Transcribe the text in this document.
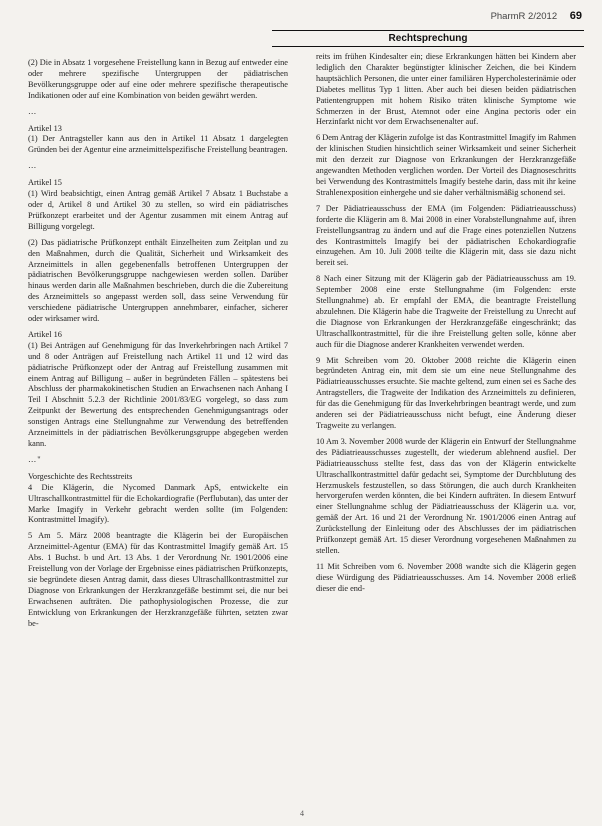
PharmR 2/2012 69
Rechtsprechung

(2) Die in Absatz 1 vorgesehene Freistellung kann in Bezug auf entweder eine oder mehrere spezifische Untergruppen der pädiatrischen Bevölkerungsgruppe oder auf eine oder mehrere spezifische therapeutische Indikationen oder auf eine Kombination von beiden gewährt werden.

…

Artikel 13

(1) Der Antragsteller kann aus den in Artikel 11 Absatz 1 dargelegten Gründen bei der Agentur eine arzneimittelspezifische Freistellung beantragen.

…

Artikel 15

(1) Wird beabsichtigt, einen Antrag gemäß Artikel 7 Absatz 1 Buchstabe a oder d, Artikel 8 und Artikel 30 zu stellen, so wird ein pädiatrisches Prüfkonzept erarbeitet und der Agentur zusammen mit einem Antrag auf Billigung vorgelegt.

(2) Das pädiatrische Prüfkonzept enthält Einzelheiten zum Zeitplan und zu den Maßnahmen, durch die Qualität, Sicherheit und Wirksamkeit des Arzneimittels in allen gegebenenfalls betroffenen Untergruppen der pädiatrischen Bevölkerungsgruppe nachgewiesen werden sollen. Darüber hinaus werden darin alle Maßnahmen beschrieben, durch die die Zubereitung des Arzneimittels so angepasst werden soll, dass seine Verwendung für verschiedene pädiatrische Untergruppen annehmbarer, einfacher, sicherer oder wirksamer wird.

Artikel 16

(1) Bei Anträgen auf Genehmigung für das Inverkehrbringen nach Artikel 7 und 8 oder Anträgen auf Freistellung nach Artikel 11 und 12 wird das pädiatrische Prüfkonzept oder der Antrag auf Freistellung zusammen mit einem Antrag auf Billigung – außer in begründeten Fällen – spätestens bei Abschluss der pharmakokinetischen Studien an Erwachsenen nach Anhang I Teil I Abschnitt 5.2.3 der Richtlinie 2001/83/EG vorgelegt, so dass zum Zeitpunkt der Bewertung des entsprechenden Genehmigungsantrags oder sonstigen Antrags eine Stellungnahme zur Verwendung des betreffenden Arzneimittels in der pädiatrischen Bevölkerungsgruppe abgegeben werden kann.

…"

Vorgeschichte des Rechtsstreits

4 Die Klägerin, die Nycomed Danmark ApS, entwickelte ein Ultraschallkontrastmittel für die Echokardiografie (Perflubutan), das unter der Marke Imagify in Verkehr gebracht werden sollte (im Folgenden: Kontrastmittel Imagify).

5 Am 5. März 2008 beantragte die Klägerin bei der Europäischen Arzneimittel-Agentur (EMA) für das Kontrastmittel Imagify gemäß Art. 15 Abs. 1 Buchst. b und Art. 13 Abs. 1 der Verordnung Nr. 1901/2006 eine Freistellung von der Vorlage der Ergebnisse eines pädiatrischen Prüfkonzepts, sie begründete diesen Antrag damit, dass dieses Ultraschallkontrastmittel zur Diagnose von Erkrankungen der Herzkranzgefäße bestimmt sei, die nur bei Erwachsenen aufträten. Die pathophysiologischen Prozesse, die zur Entwicklung von Erkrankungen der Herzkranzgefäße führten, setzten zwar be-

reits im frühen Kindesalter ein; diese Erkrankungen hätten bei Kindern aber lediglich den Charakter begünstigter klinischer Zeichen, die bei Kindern hauptsächlich Personen, die unter einer familiären Hypercholesterinämie oder Diabetes mellitus Typ 1 litten. Aber auch bei diesen beiden pädiatrischen Patientengruppen mit hohem Risiko träten klinische Symptome wie Schmerzen in der Brust, Atemnot oder eine Angina pectoris oder ein Herzinfarkt nicht vor dem Erwachsenenalter auf.

6 Dem Antrag der Klägerin zufolge ist das Kontrastmittel Imagify im Rahmen der klinischen Studien hinsichtlich seiner Wirksamkeit und seiner Sicherheit mit den derzeit zur Diagnose von Erkrankungen der Herzkranzgefäße angewandten Methoden verglichen worden. Der Vorteil des Diagnoseschritts bei Verwendung des Kontrastmittels Imagify bestehe darin, dass mit ihr keine Strahlenexposition einhergehe und sie daher verhältnismäßig schonend sei.

7 Der Pädiatrieausschuss der EMA (im Folgenden: Pädiatrieausschuss) forderte die Klägerin am 8. Mai 2008 in einer Vorabstellungnahme auf, ihren Freistellungsantrag zu ändern und auf die Frage eines potenziellen Nutzens des Kontrastmittels Imagify bei der pädiatrischen Echokardiografie einzugehen. Am 10. Juli 2008 teilte die Klägerin mit, dass sie dazu nicht bereit sei.

8 Nach einer Sitzung mit der Klägerin gab der Pädiatrieausschuss am 19. September 2008 eine erste Stellungnahme (im Folgenden: erste Stellungnahme) ab. Er empfahl der EMA, die beantragte Freistellung abzulehnen. Die Klägerin habe die Tragweite der Freistellung zu Unrecht auf die Diagnose von Erkrankungen der Herzkranzgefäße eingeschränkt; das Ultraschallkontrastmittel, für die ihre Freistellung gelten solle, könne aber auch für die Diagnose anderer Krankheiten verwendet werden.

9 Mit Schreiben vom 20. Oktober 2008 reichte die Klägerin einen begründeten Antrag ein, mit dem sie um eine neue Stellungnahme des Pädiatrieausschusses ersuchte. Sie machte geltend, zum einen sei es Sache des Antragstellers, die Tragweite der Indikation des Arzneimittels zu definieren, für das die Genehmigung für das Inverkehrbringen beantragt werde, und zum anderen sei der Pädiatrieausschuss nicht befugt, eine Änderung dieser Tragweite zu verlangen.

10 Am 3. November 2008 wurde der Klägerin ein Entwurf der Stellungnahme des Pädiatrieausschusses zugestellt, der wiederum ablehnend ausfiel. Der Pädiatrieausschuss stellte fest, dass das von der Klägerin entwickelte Ultraschallkontrastmittel dafür gedacht sei, Symptome der Durchblutung des Herzmuskels festzustellen, so dass Störungen, die auch durch Krankheiten hervorgerufen werden könnten, die bei Kindern aufträten. In diesem Entwurf einer Stellungnahme schlug der Pädiatrieausschuss der Klägerin u.a. vor, gemäß der Art. 16 und 21 der Verordnung Nr. 1901/2006 einen Antrag auf Zurückstellung der Einleitung oder des Abschlusses der im pädiatrischen Prüfkonzept gemäß Art. 15 dieser Verordnung vorgesehenen Maßnahmen zu stellen.

11 Mit Schreiben vom 6. November 2008 wandte sich die Klägerin gegen diese Würdigung des Pädiatrieausschusses. Am 14. November 2008 erließ dieser die end-

4
